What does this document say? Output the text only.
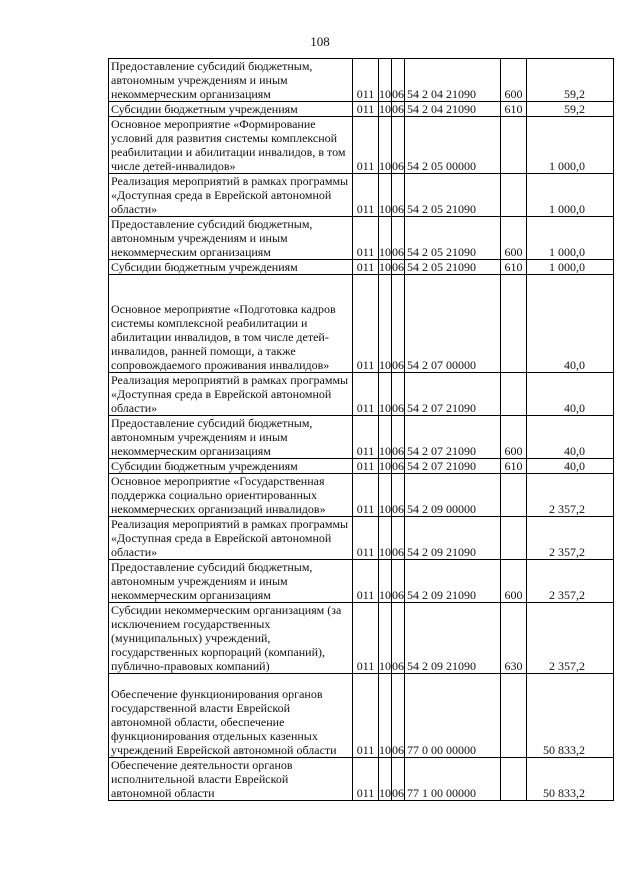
108
Предоставление субсидий бюджетным, автономным учреждениям и иным некоммерческим организациям	011	10	06	54 2 04 21090	600	59,2
Субсидии бюджетным учреждениям	011	10	06	54 2 04 21090	610	59,2
Основное мероприятие «Формирование условий для развития системы комплексной реабилитации и абилитации инвалидов, в том числе детей-инвалидов»	011	10	06	54 2 05 00000		1 000,0
Реализация мероприятий в рамках программы «Доступная среда в Еврейской автономной области»	011	10	06	54 2 05 21090		1 000,0
Предоставление субсидий бюджетным, автономным учреждениям и иным некоммерческим организациям	011	10	06	54 2 05 21090	600	1 000,0
Субсидии бюджетным учреждениям	011	10	06	54 2 05 21090	610	1 000,0
Основное мероприятие «Подготовка кадров системы комплексной реабилитации и абилитации инвалидов, в том числе детей-инвалидов, ранней помощи, а также сопровождаемого проживания инвалидов»	011	10	06	54 2 07 00000		40,0
Реализация мероприятий в рамках программы «Доступная среда в Еврейской автономной области»	011	10	06	54 2 07 21090		40,0
Предоставление субсидий бюджетным, автономным учреждениям и иным некоммерческим организациям	011	10	06	54 2 07 21090	600	40,0
Субсидии бюджетным учреждениям	011	10	06	54 2 07 21090	610	40,0
Основное мероприятие «Государственная поддержка социально ориентированных некоммерческих организаций инвалидов»	011	10	06	54 2 09 00000		2 357,2
Реализация мероприятий в рамках программы «Доступная среда в Еврейской автономной области»	011	10	06	54 2 09 21090		2 357,2
Предоставление субсидий бюджетным, автономным учреждениям и иным некоммерческим организациям	011	10	06	54 2 09 21090	600	2 357,2
Субсидии некоммерческим организациям (за исключением государственных (муниципальных) учреждений, государственных корпораций (компаний), публично-правовых компаний)	011	10	06	54 2 09 21090	630	2 357,2
Обеспечение функционирования органов государственной власти Еврейской автономной области, обеспечение функционирования отдельных казенных учреждений Еврейской автономной области	011	10	06	77 0 00 00000		50 833,2
Обеспечение деятельности органов исполнительной власти Еврейской автономной области	011	10	06	77 1 00 00000		50 833,2
